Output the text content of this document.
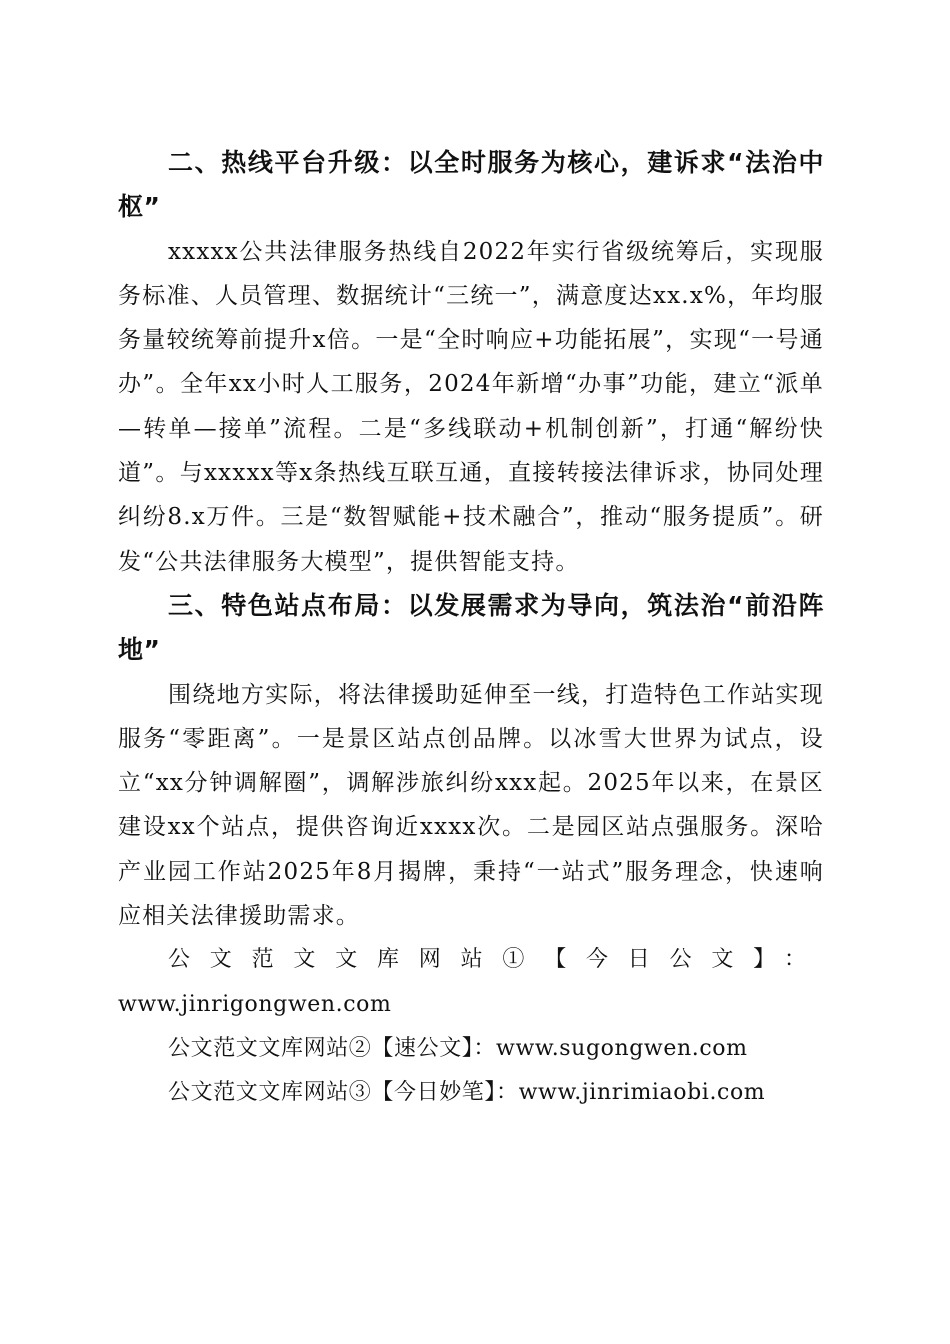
二、热线平台升级：以全时服务为核心，建诉求“法治中枢”

xxxxx公共法律服务热线自2022年实行省级统筹后，实现服务标准、人员管理、数据统计“三统一”，满意度达xx.x%，年均服务量较统筹前提升x倍。一是“全时响应+功能拓展”，实现“一号通办”。全年xx小时人工服务，2024年新增“办事”功能，建立“派单—转单—接单”流程。二是“多线联动+机制创新”，打通“解纷快道”。与xxxxx等x条热线互联互通，直接转接法律诉求，协同处理纠纷8.x万件。三是“数智赋能+技术融合”，推动“服务提质”。研发“公共法律服务大模型”，提供智能支持。

三、特色站点布局：以发展需求为导向，筑法治“前沿阵地”

围绕地方实际，将法律援助延伸至一线，打造特色工作站实现服务“零距离”。一是景区站点创品牌。以冰雪大世界为试点，设立“xx分钟调解圈”，调解涉旅纠纷xxx起。2025年以来，在景区建设xx个站点，提供咨询近xxxx次。二是园区站点强服务。深哈产业园工作站2025年8月揭牌，秉持“一站式”服务理念，快速响应相关法律援助需求。

公文范文文库网站①【今日公文】：www.jinrigongwen.com

公文范文文库网站②【速公文】：www.sugongwen.com

公文范文文库网站③【今日妙笔】：www.jinrimiaobi.com
